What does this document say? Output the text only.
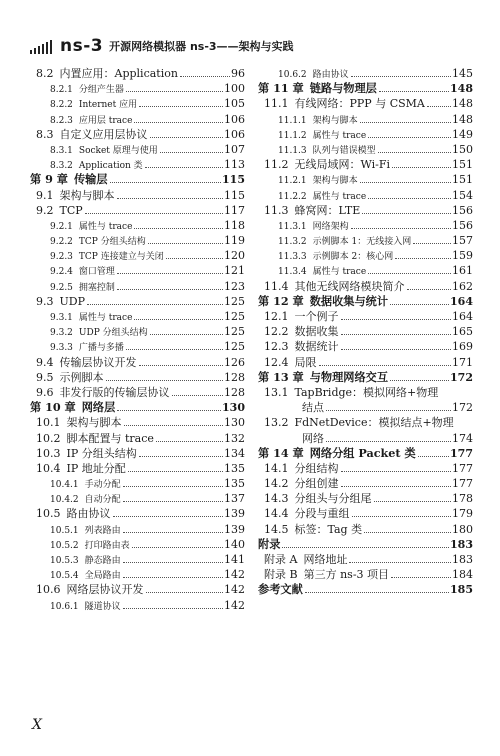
ns-3 开源网络模拟器 ns-3——架构与实践
8.2 内置应用：Application	96
8.2.1 分组产生器	100
8.2.2 Internet 应用	105
8.2.3 应用层 trace	106
8.3 自定义应用层协议	106
8.3.1 Socket 原理与使用	107
8.3.2 Application 类	113
第 9 章 传输层	115
9.1 架构与脚本	115
9.2 TCP	117
9.2.1 属性与 trace	118
9.2.2 TCP 分组头结构	119
9.2.3 TCP 连接建立与关闭	120
9.2.4 窗口管理	121
9.2.5 拥塞控制	123
9.3 UDP	125
9.3.1 属性与 trace	125
9.3.2 UDP 分组头结构	125
9.3.3 广播与多播	125
9.4 传输层协议开发	126
9.5 示例脚本	128
9.6 非发行版的传输层协议	128
第 10 章 网络层	130
10.1 架构与脚本	130
10.2 脚本配置与 trace	132
10.3 IP 分组头结构	134
10.4 IP 地址分配	135
10.4.1 手动分配	135
10.4.2 自动分配	137
10.5 路由协议	139
10.5.1 列表路由	139
10.5.2 打印路由表	140
10.5.3 静态路由	141
10.5.4 全局路由	142
10.6 网络层协议开发	142
10.6.1 隧道协议	142
10.6.2 路由协议	145
第 11 章 链路与物理层	148
11.1 有线网络：PPP 与 CSMA 148
11.1.1 架构与脚本	148
11.1.2 属性与 trace	149
11.1.3 队列与错误模型	150
11.2 无线局域网：Wi-Fi	151
11.2.1 架构与脚本	151
11.2.2 属性与 trace	154
11.3 蜂窝网：LTE	156
11.3.1 网络架构	156
11.3.2 示例脚本 1：无线接入网	157
11.3.3 示例脚本 2：核心网	159
11.3.4 属性与 trace	161
11.4 其他无线网络模块简介	162
第 12 章 数据收集与统计	164
12.1 一个例子	164
12.2 数据收集	165
12.3 数据统计	169
12.4 局限	171
第 13 章 与物理网络交互	172
13.1 TapBridge：模拟网络+物理
结点	172
13.2 FdNetDevice：模拟结点+物理
网络	174
第 14 章 网络分组 Packet 类	177
14.1 分组结构	177
14.2 分组创建	177
14.3 分组头与分组尾	178
14.4 分段与重组	179
14.5 标签：Tag 类	180
附录	183
附录 A 网络地址	183
附录 B 第三方 ns-3 项目	184
参考文献	185
X
